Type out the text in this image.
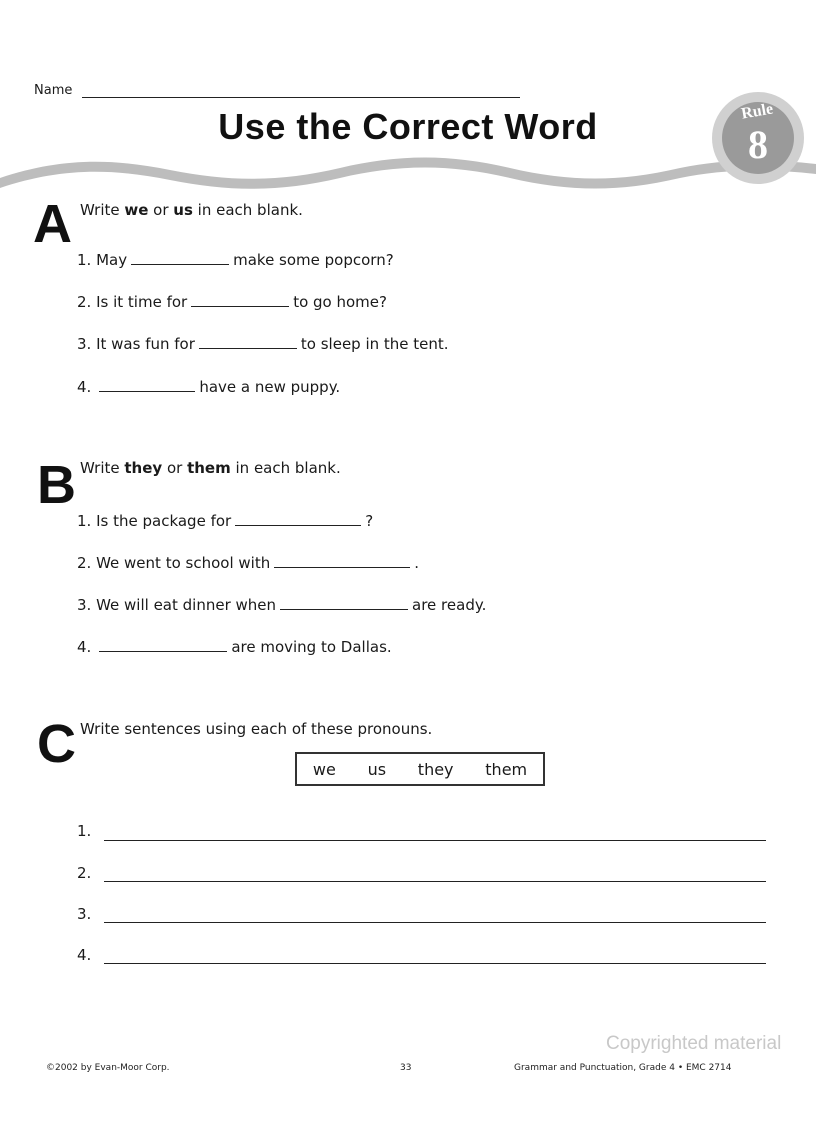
Name
Use the Correct Word	Rule
8
A Write we or us in each blank.
1. May	make some popcorn?
2. Is it time for	to go home?
3. It was fun for	to sleep in the tent.
4.	have a new puppy.
B Write they or them in each blank.
1. Is the package for	?
2. We went to school with	.
3. We will eat dinner when	are ready.
4.	are moving to Dallas.
C Write sentences using each of these pronouns.
we us they them
1.
2.
3.
4.
Copyrighted material
©2002 by Evan-Moor Corp.	33	Grammar and Punctuation, Grade 4 • EMC 2714
